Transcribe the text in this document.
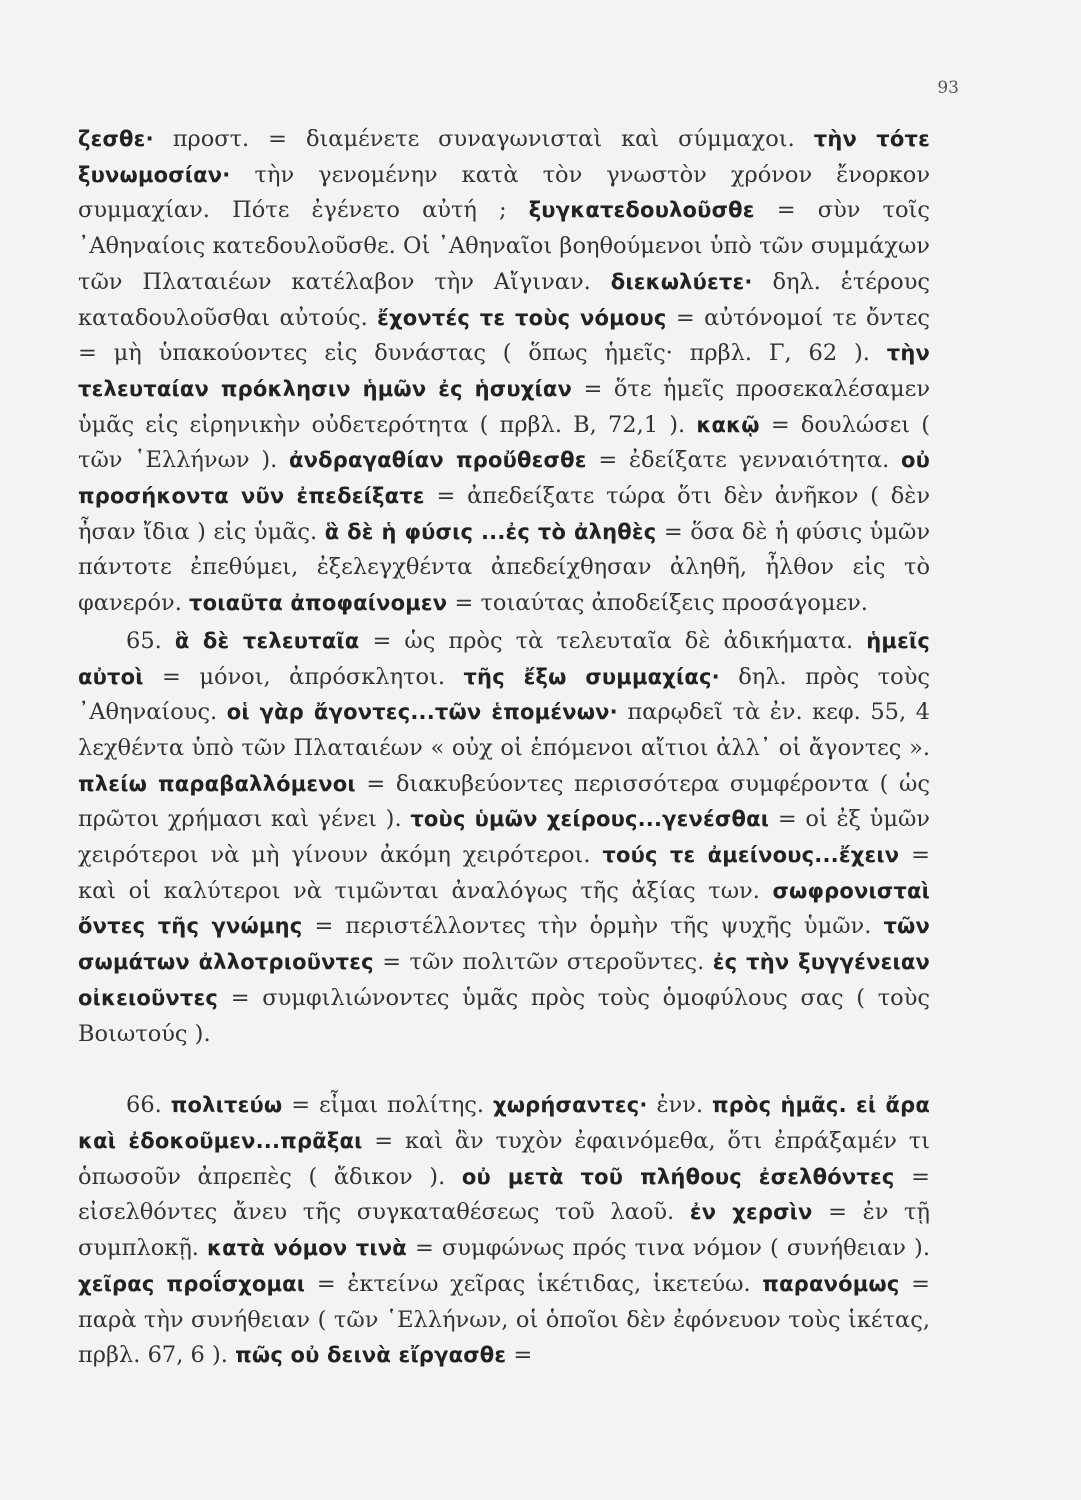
93

ζεσθε· προστ. = διαμένετε συναγωνισταὶ καὶ σύμμαχοι. τὴν τότε ξυνωμοσίαν· τὴν γενομένην κατὰ τὸν γνωστὸν χρόνον ἔνορκον συμμαχίαν. Πότε ἐγένετο αὐτή ; ξυγκατεδουλοῦσθε = σὺν τοῖς ᾿Αθηναίοις κατεδουλοῦσθε. Οἱ ᾿Αθηναῖοι βοηθούμενοι ὑπὸ τῶν συμμάχων τῶν Πλαταιέων κατέλαβον τὴν Αἴγιναν. διεκωλύετε· δηλ. ἑτέρους καταδουλοῦσθαι αὐτούς. ἔχοντές τε τοὺς νόμους = αὐτόνομοί τε ὄντες = μὴ ὑπακούοντες εἰς δυνάστας ( ὅπως ἡμεῖς· πρβλ. Γ, 62 ). τὴν τελευταίαν πρόκλησιν ἡμῶν ἐς ἡσυχίαν = ὅτε ἡμεῖς προσεκαλέσαμεν ὑμᾶς εἰς εἰρηνικὴν οὐδετερότητα ( πρβλ. Β, 72,1 ). κακῷ = δουλώσει ( τῶν ῾Ελλήνων ). ἀνδραγαθίαν προὔθεσθε = ἐδείξατε γενναιότητα. οὐ προσήκοντα νῦν ἐπεδείξατε = ἀπεδείξατε τώρα ὅτι δὲν ἀνῆκον ( δὲν ἦσαν ἴδια ) εἰς ὑμᾶς. ἃ δὲ ἡ φύσις ...ἐς τὸ ἀληθὲς = ὅσα δὲ ἡ φύσις ὑμῶν πάντοτε ἐπεθύμει, ἐξελεγχθέντα ἀπεδείχθησαν ἀληθῆ, ἦλθον εἰς τὸ φανερόν. τοιαῦτα ἀποφαίνομεν = τοιαύτας ἀποδείξεις προσάγομεν.

65. ἃ δὲ τελευταῖα = ὡς πρὸς τὰ τελευταῖα δὲ ἀδικήματα. ἡμεῖς αὐτοὶ = μόνοι, ἀπρόσκλητοι. τῆς ἔξω συμμαχίας· δηλ. πρὸς τοὺς ᾿Αθηναίους. οἱ γὰρ ἄγοντες...τῶν ἑπομένων· παρῳδεῖ τὰ ἐν. κεφ. 55, 4 λεχθέντα ὑπὸ τῶν Πλαταιέων « οὐχ οἱ ἑπόμενοι αἴτιοι ἀλλ᾿ οἱ ἄγοντες ». πλείω παραβαλλόμενοι = διακυβεύοντες περισσότερα συμφέροντα ( ὡς πρῶτοι χρήμασι καὶ γένει ). τοὺς ὑμῶν χείρους...γενέσθαι = οἱ ἐξ ὑμῶν χειρότεροι νὰ μὴ γίνουν ἀκόμη χειρότεροι. τούς τε ἀμείνους...ἔχειν = καὶ οἱ καλύτεροι νὰ τιμῶνται ἀναλόγως τῆς ἀξίας των. σωφρονισταὶ ὄντες τῆς γνώμης = περιστέλλοντες τὴν ὁρμὴν τῆς ψυχῆς ὑμῶν. τῶν σωμάτων ἀλλοτριοῦντες = τῶν πολιτῶν στεροῦντες. ἐς τὴν ξυγγένειαν οἰκειοῦντες = συμφιλιώνοντες ὑμᾶς πρὸς τοὺς ὁμοφύλους σας ( τοὺς Βοιωτούς ).

66. πολιτεύω = εἶμαι πολίτης. χωρήσαντες· ἐνν. πρὸς ἡμᾶς. εἰ ἄρα καὶ ἐδοκοῦμεν...πρᾶξαι = καὶ ἂν τυχὸν ἐφαινόμεθα, ὅτι ἐπράξαμέν τι ὁπωσοῦν ἀπρεπὲς ( ἄδικον ). οὐ μετὰ τοῦ πλήθους ἐσελθόντες = εἰσελθόντες ἄνευ τῆς συγκαταθέσεως τοῦ λαοῦ. ἐν χερσὶν = ἐν τῇ συμπλοκῇ. κατὰ νόμον τινὰ = συμφώνως πρός τινα νόμον ( συνήθειαν ). χεῖρας προΐσχομαι = ἐκτείνω χεῖρας ἱκέτιδας, ἱκετεύω. παρανόμως = παρὰ τὴν συνήθειαν ( τῶν ῾Ελλήνων, οἱ ὁποῖοι δὲν ἐφόνευον τοὺς ἱκέτας, πρβλ. 67, 6 ). πῶς οὐ δεινὰ εἴργασθε =
